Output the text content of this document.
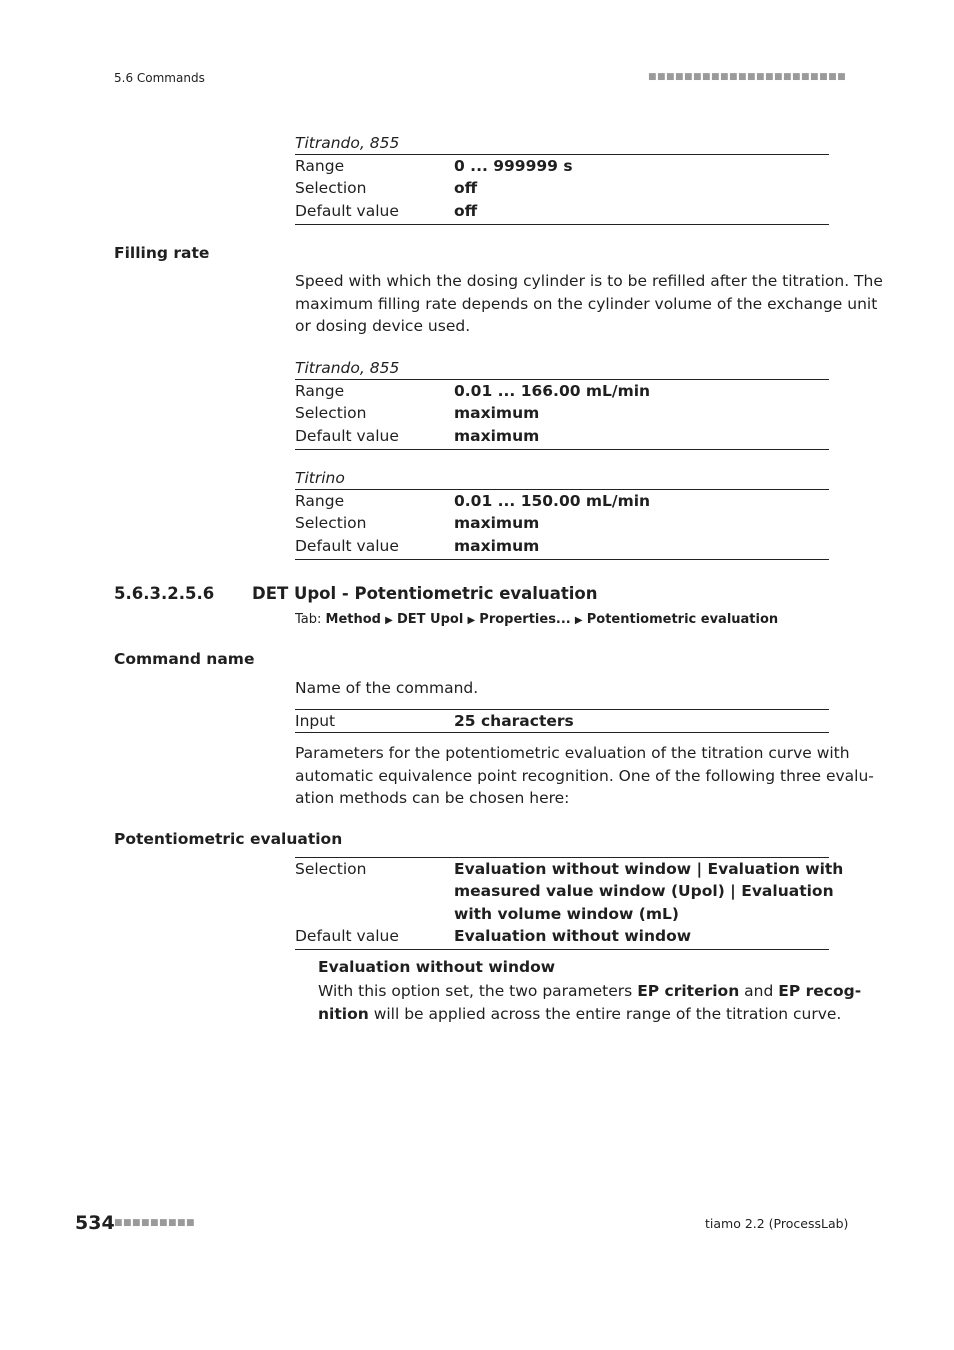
5.6 Commands	■■■■■■■■■■■■■■■■■■■■■■
Titrando, 855
Range	0 ... 999999 s
Selection	off
Default value	off
Filling rate
Speed with which the dosing cylinder is to be refilled after the titration. The
maximum filling rate depends on the cylinder volume of the exchange unit
or dosing device used.
Titrando, 855
Range	0.01 ... 166.00 mL/min
Selection	maximum
Default value	maximum
Titrino
Range	0.01 ... 150.00 mL/min
Selection	maximum
Default value	maximum
5.6.3.2.5.6 DET Upol - Potentiometric evaluation
Tab: Method ▶ DET Upol ▶ Properties... ▶ Potentiometric evaluation
Command name
Name of the command.
Input	25 characters
Parameters for the potentiometric evaluation of the titration curve with
automatic equivalence point recognition. One of the following three evalu-
ation methods can be chosen here:
Potentiometric evaluation
Selection	Evaluation without window | Evaluation with
measured value window (Upol) | Evaluation
with volume window (mL)
Default value	Evaluation without window
Evaluation without window
With this option set, the two parameters EP criterion and EP recog-
nition will be applied across the entire range of the titration curve.
534 ■■■■■■■■■	tiamo 2.2 (ProcessLab)
